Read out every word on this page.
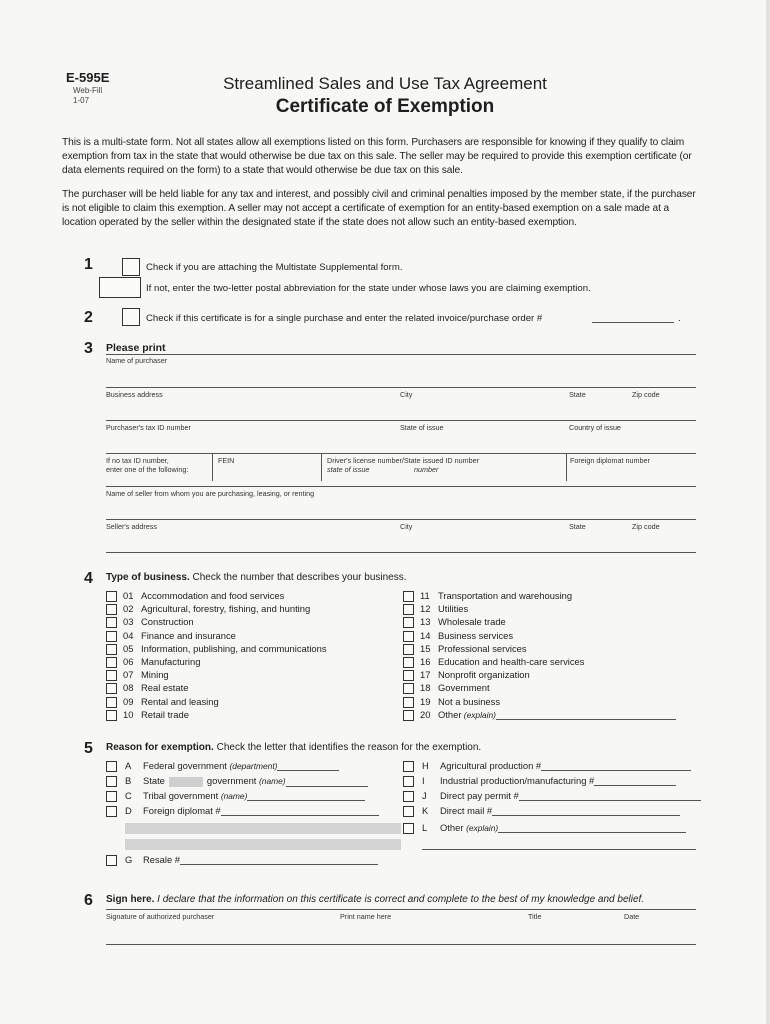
E-595E
Web-Fill
1-07
Streamlined Sales and Use Tax Agreement
Certificate of Exemption
This is a multi-state form. Not all states allow all exemptions listed on this form. Purchasers are responsible for knowing if they qualify to claim exemption from tax in the state that would otherwise be due tax on this sale. The seller may be required to provide this exemption certificate (or data elements required on the form) to a state that would otherwise be due tax on this sale.
The purchaser will be held liable for any tax and interest, and possibly civil and criminal penalties imposed by the member state, if the purchaser is not eligible to claim this exemption. A seller may not accept a certificate of exemption for an entity-based exemption on a sale made at a location operated by the seller within the designated state if the state does not allow such an entity-based exemption.
1	Check if you are attaching the Multistate Supplemental form.
If not, enter the two-letter postal abbreviation for the state under whose laws you are claiming exemption.
2	Check if this certificate is for a single purchase and enter the related invoice/purchase order #	.
3 Please print
Name of purchaser
Business address	City	State	Zip code
Purchaser's tax ID number	State of issue	Country of issue
If no tax ID number,
enter one of the following:
FEIN	Driver's license number/State issued ID number
state of issue	number
Foreign diplomat number
Name of seller from whom you are purchasing, leasing, or renting
Seller's address	City	State	Zip code
4 Type of business. Check the number that describes your business.
01 Accommodation and food services
02 Agricultural, forestry, fishing, and hunting
03 Construction
04 Finance and insurance
05 Information, publishing, and communications
06 Manufacturing
07 Mining
08 Real estate
09 Rental and leasing
10 Retail trade
11 Transportation and warehousing
12 Utilities
13 Wholesale trade
14 Business services
15 Professional services
16 Education and health-care services
17 Nonprofit organization
18 Government
19 Not a business
20 Other (explain)
5 Reason for exemption. Check the letter that identifies the reason for the exemption.
A Federal government (department)
B State	government (name)
C Tribal government (name)
D Foreign diplomat #
G Resale #
H Agricultural production #
I Industrial production/manufacturing #
J Direct pay permit #
K Direct mail #
L Other (explain)
6 Sign here. I declare that the information on this certificate is correct and complete to the best of my knowledge and belief.
Signature of authorized purchaser	Print name here	Title	Date
